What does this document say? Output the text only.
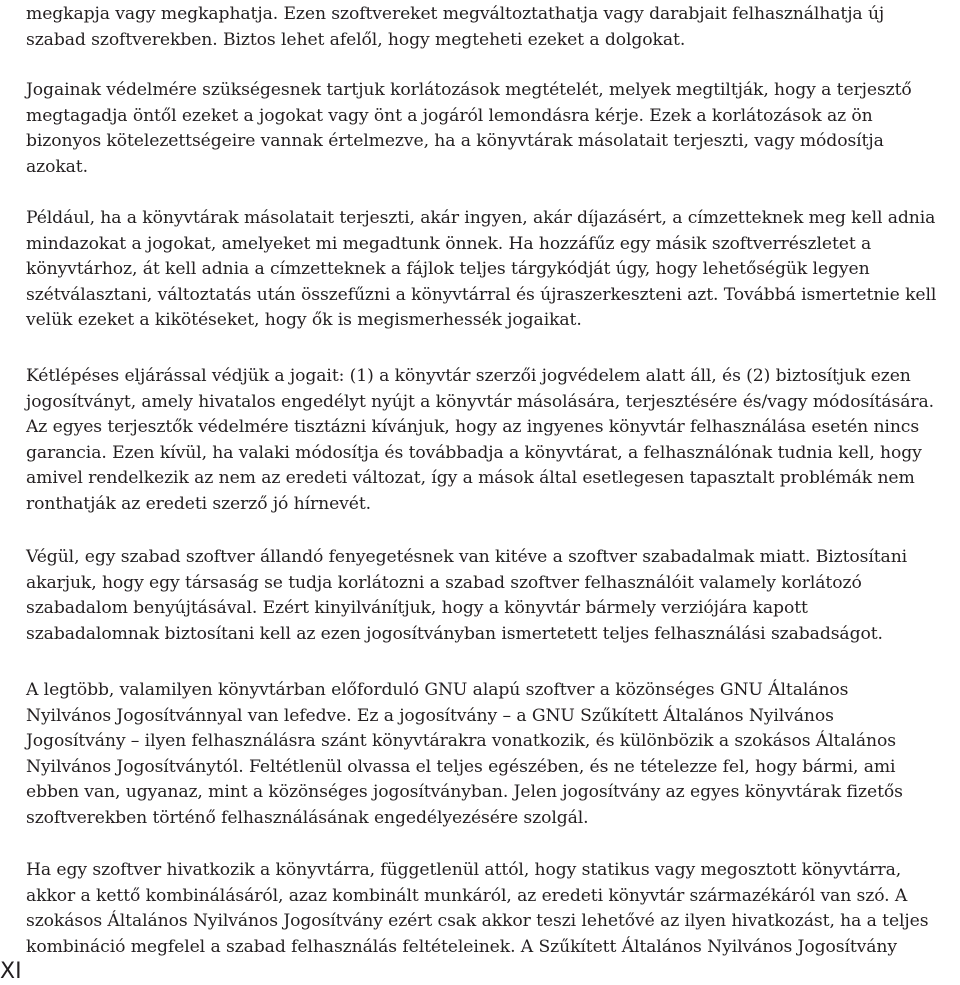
megkapja vagy megkaphatja. Ezen szoftvereket megváltoztathatja vagy darabjait felhasználhatja új
szabad szoftverekben. Biztos lehet afelől, hogy megteheti ezeket a dolgokat.
Jogainak védelmére szükségesnek tartjuk korlátozások megtételét, melyek megtiltják, hogy a terjesztő
megtagadja öntől ezeket a jogokat vagy önt a jogáról lemondásra kérje. Ezek a korlátozások az ön
bizonyos kötelezettségeire vannak értelmezve, ha a könyvtárak másolatait terjeszti, vagy módosítja
azokat.
Például, ha a könyvtárak másolatait terjeszti, akár ingyen, akár díjazásért, a címzetteknek meg kell adnia
mindazokat a jogokat, amelyeket mi megadtunk önnek. Ha hozzáfűz egy másik szoftverrészletet a
könyvtárhoz, át kell adnia a címzetteknek a fájlok teljes tárgykódját úgy, hogy lehetőségük legyen
szétválasztani, változtatás után összefűzni a könyvtárral és újraszerkeszteni azt. Továbbá ismertetnie kell
velük ezeket a kikötéseket, hogy ők is megismerhessék jogaikat.
Kétlépéses eljárással védjük a jogait: (1) a könyvtár szerzői jogvédelem alatt áll, és (2) biztosítjuk ezen
jogosítványt, amely hivatalos engedélyt nyújt a könyvtár másolására, terjesztésére és/vagy módosítására.
Az egyes terjesztők védelmére tisztázni kívánjuk, hogy az ingyenes könyvtár felhasználása esetén nincs
garancia. Ezen kívül, ha valaki módosítja és továbbadja a könyvtárat, a felhasználónak tudnia kell, hogy
amivel rendelkezik az nem az eredeti változat, így a mások által esetlegesen tapasztalt problémák nem
ronthatják az eredeti szerző jó hírnevét.
Végül, egy szabad szoftver állandó fenyegetésnek van kitéve a szoftver szabadalmak miatt. Biztosítani
akarjuk, hogy egy társaság se tudja korlátozni a szabad szoftver felhasználóit valamely korlátozó
szabadalom benyújtásával. Ezért kinyilvánítjuk, hogy a könyvtár bármely verziójára kapott
szabadalomnak biztosítani kell az ezen jogosítványban ismertetett teljes felhasználási szabadságot.
A legtöbb, valamilyen könyvtárban előforduló GNU alapú szoftver a közönséges GNU Általános
Nyilvános Jogosítvánnyal van lefedve. Ez a jogosítvány – a GNU Szűkített Általános Nyilvános
Jogosítvány – ilyen felhasználásra szánt könyvtárakra vonatkozik, és különbözik a szokásos Általános
Nyilvános Jogosítványtól. Feltétlenül olvassa el teljes egészében, és ne tételezze fel, hogy bármi, ami
ebben van, ugyanaz, mint a közönséges jogosítványban. Jelen jogosítvány az egyes könyvtárak fizetős
szoftverekben történő felhasználásának engedélyezésére szolgál.
Ha egy szoftver hivatkozik a könyvtárra, függetlenül attól, hogy statikus vagy megosztott könyvtárra,
akkor a kettő kombinálásáról, azaz kombinált munkáról, az eredeti könyvtár származékáról van szó. A
szokásos Általános Nyilvános Jogosítvány ezért csak akkor teszi lehetővé az ilyen hivatkozást, ha a teljes
kombináció megfelel a szabad felhasználás feltételeinek. A Szűkített Általános Nyilvános Jogosítvány
XI
